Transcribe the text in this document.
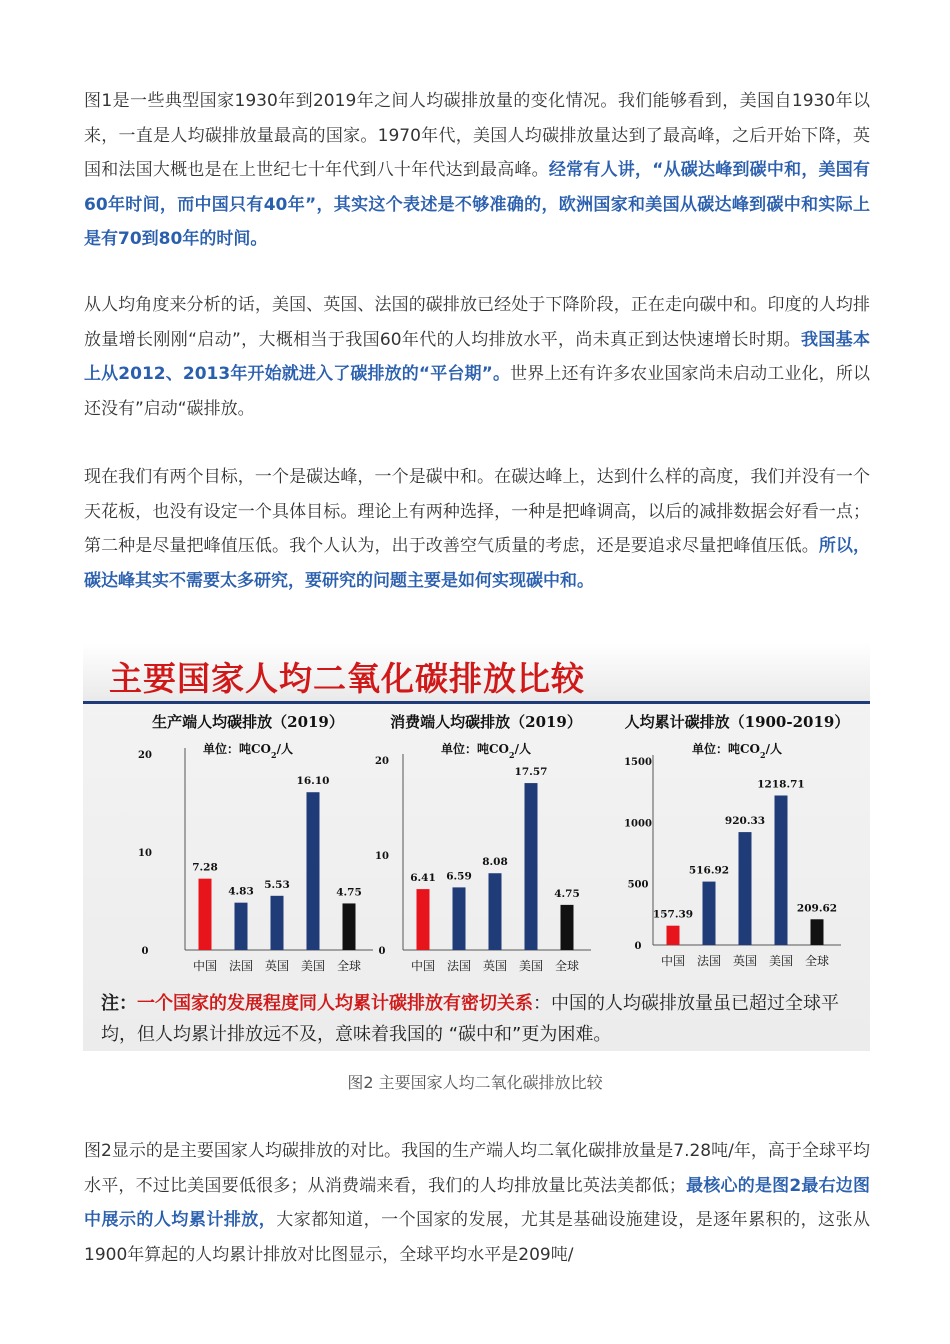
图1是一些典型国家1930年到2019年之间人均碳排放量的变化情况。我们能够看到，美国自1930年以来，一直是人均碳排放量最高的国家。1970年代，美国人均碳排放量达到了最高峰，之后开始下降，英国和法国大概也是在上世纪七十年代到八十年代达到最高峰。经常有人讲，“从碳达峰到碳中和，美国有60年时间，而中国只有40年”，其实这个表述是不够准确的，欧洲国家和美国从碳达峰到碳中和实际上是有70到80年的时间。

从人均角度来分析的话，美国、英国、法国的碳排放已经处于下降阶段，正在走向碳中和。印度的人均排放量增长刚刚“启动”，大概相当于我国60年代的人均排放水平，尚未真正到达快速增长时期。我国基本上从2012、2013年开始就进入了碳排放的“平台期”。世界上还有许多农业国家尚未启动工业化，所以还没有”启动“碳排放。

现在我们有两个目标，一个是碳达峰，一个是碳中和。在碳达峰上，达到什么样的高度，我们并没有一个天花板，也没有设定一个具体目标。理论上有两种选择，一种是把峰调高，以后的减排数据会好看一点；第二种是尽量把峰值压低。我个人认为，出于改善空气质量的考虑，还是要追求尽量把峰值压低。所以，碳达峰其实不需要太多研究，要研究的问题主要是如何实现碳中和。

主要国家人均二氧化碳排放比较
生产端人均碳排放（2019）
单位：吨$CO_2/$人
0
10
20
7.28
中国
4.83
法国
5.53
英国
16.10
美国
4.75
全球
消费端人均碳排放（2019）
单位：吨$CO_2/$人
0
10
20
6.41
中国
6.59
法国
8.08
英国
17.57
美国
4.75
全球
人均累计碳排放（1900-2019）
单位：吨$CO_2/$人
0
500
1000
1500
157.39
中国
516.92
法国
920.33
英国
1218.71
美国
209.62
全球
注：一个国家的发展程度同人均累计碳排放有密切关系：中国的人均碳排放量虽已超过全球平均，但人均累计排放远不及，意味着我国的 “碳中和”更为困难。
图2 主要国家人均二氧化碳排放比较

图2显示的是主要国家人均碳排放的对比。我国的生产端人均二氧化碳排放量是7.28吨/年，高于全球平均水平，不过比美国要低很多；从消费端来看，我们的人均排放量比英法美都低；最核心的是图2最右边图中展示的人均累计排放，大家都知道，一个国家的发展，尤其是基础设施建设，是逐年累积的，这张从1900年算起的人均累计排放对比图显示，全球平均水平是209吨/
